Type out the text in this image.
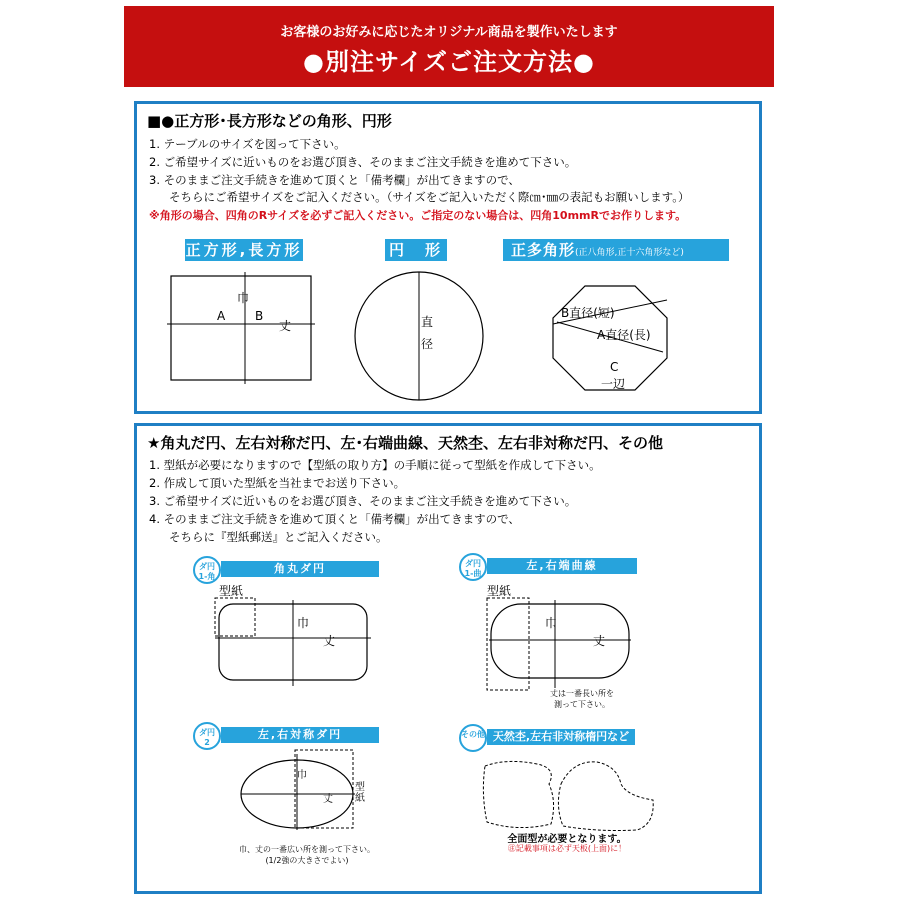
お客様のお好みに応じたオリジナル商品を製作いたします
●別注サイズご注文方法●
■●正方形･長方形などの角形、円形
1. テーブルのサイズを図って下さい。
2. ご希望サイズに近いものをお選び頂き、そのままご注文手続きを進めて下さい。
3. そのままご注文手続きを進めて頂くと「備考欄」が出てきますので、
そちらにご希望サイズをご記入ください。（サイズをご記入いただく際㎝･㎜の表記もお願いします。）
※角形の場合、四角のRサイズを必ずご記入ください。ご指定のない場合は、四角10mmRでお作りします。
正方形,長方形	円　形	正多角形(正八角形,正十六角形など)
巾
丈
A B	直
径
B直径(短)
A直径(長)
C
一辺
★角丸だ円、左右対称だ円、左･右端曲線、天然杢、左右非対称だ円、その他
1. 型紙が必要になりますので【型紙の取り方】の手順に従って型紙を作成して下さい。
2. 作成して頂いた型紙を当社までお送り下さい。
3. ご希望サイズに近いものをお選び頂き、そのままご注文手続きを進めて下さい。
4. そのままご注文手続きを進めて頂くと「備考欄」が出てきますので、
そちらに『型紙郵送』とご記入ください。
ダ円 1-角
角丸ダ円
型紙
巾
丈
ダ円 1-曲
左,右端曲線
型紙
巾
丈
丈は一番長い所を 測って下さい。
ダ円 2
左,右対称ダ円
巾
丈
型紙
巾、丈の一番広い所を測って下さい。
(1/2強の大きさでよい)
その他 天然杢,左右非対称楕円など
全面型が必要となります。
㊟記載事項は必ず天板(上面)に！
